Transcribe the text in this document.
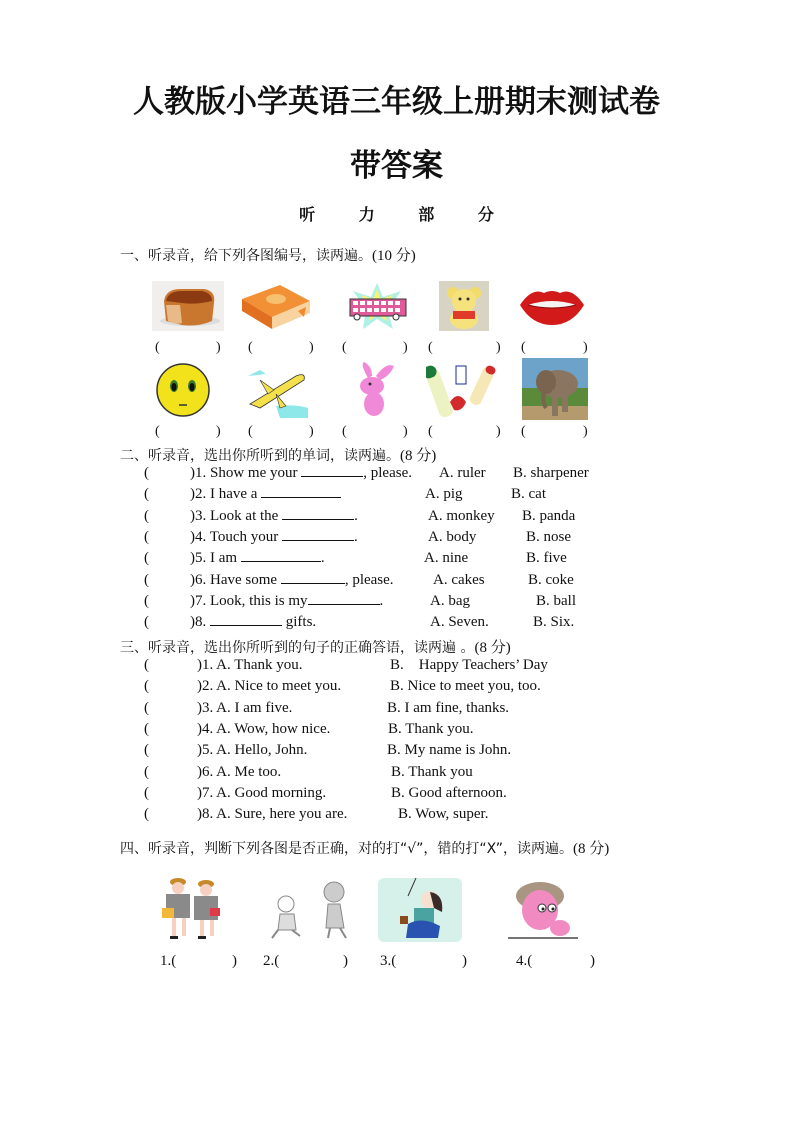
人教版小学英语三年级上册期末测试卷
带答案
听 力 部 分
一、听录音，给下列各图编号，读两遍。(10 分)
(	) (	) (	) (	) (	)
(	) (	) (	) (	) (	)
二、听录音，选出你所听到的单词，读两遍。(8 分)
(	)1. Show me your	, please. A. ruler B. sharpener
(	)2. I have a	A. pig	B. cat
(	)3. Look at the	.	A. monkey B. panda
(	)4. Touch your	.	A. body	B. nose
(	)5. I am	.	A. nine	B. five
(	)6. Have some	, please.	A. cakes	B. coke
(	)7. Look, this is my	.	A. bag	B. ball
(	)8.	gifts.	A. Seven.	B. Six.
三、听录音，选出你所听到的句子的正确答语，读两遍 。(8 分)
(	)1. A. Thank you.	B.    Happy Teachers’ Day
(	)2. A. Nice to meet you.	B. Nice to meet you, too.
(	)3. A. I am five.	B. I am fine, thanks.
(	)4. A. Wow, how nice.	B. Thank you.
(	)5. A. Hello, John.	B. My name is John.
(	)6. A. Me too.	B. Thank you
(	)7. A. Good morning.	B. Good afternoon.
(	)8. A. Sure, here you are.	B. Wow, super.
四、听录音，判断下列各图是否正确，对的打“√”，错的打“X”，读两遍。(8 分)
1.(	) 2.(	) 3.(	)	4.(	)
